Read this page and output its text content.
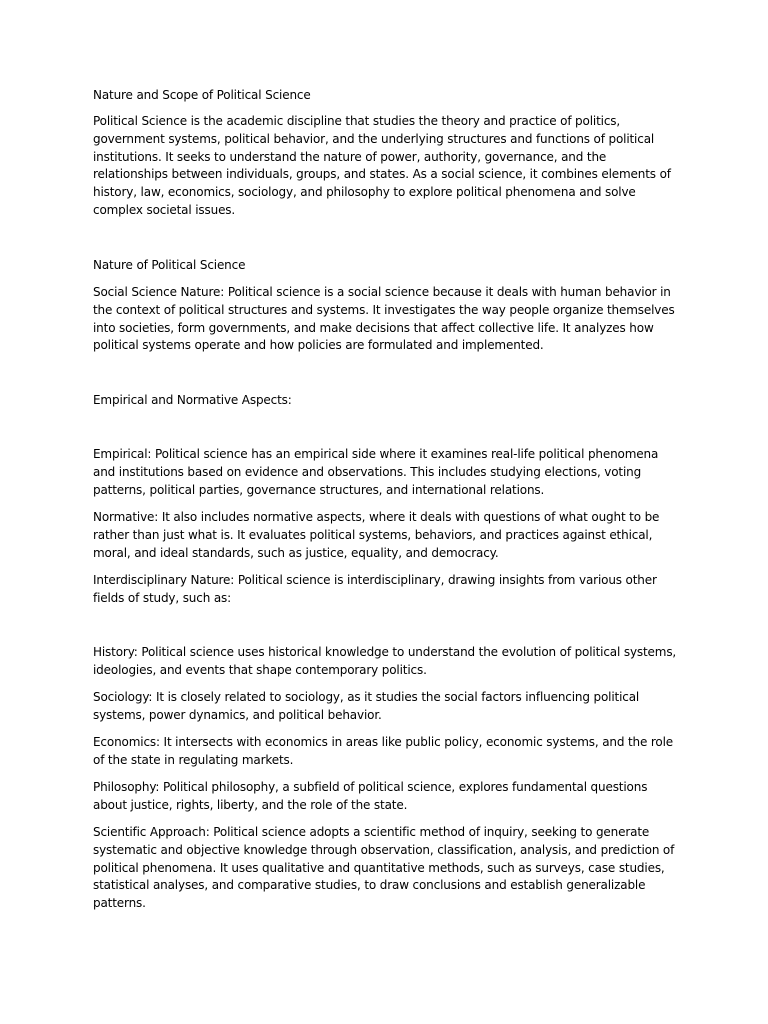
Nature and Scope of Political Science

Political Science is the academic discipline that studies the theory and practice of politics, government systems, political behavior, and the underlying structures and functions of political institutions. It seeks to understand the nature of power, authority, governance, and the relationships between individuals, groups, and states. As a social science, it combines elements of history, law, economics, sociology, and philosophy to explore political phenomena and solve complex societal issues.

Nature of Political Science

Social Science Nature: Political science is a social science because it deals with human behavior in the context of political structures and systems. It investigates the way people organize themselves into societies, form governments, and make decisions that affect collective life. It analyzes how political systems operate and how policies are formulated and implemented.

Empirical and Normative Aspects:

Empirical: Political science has an empirical side where it examines real-life political phenomena and institutions based on evidence and observations. This includes studying elections, voting patterns, political parties, governance structures, and international relations.

Normative: It also includes normative aspects, where it deals with questions of what ought to be rather than just what is. It evaluates political systems, behaviors, and practices against ethical, moral, and ideal standards, such as justice, equality, and democracy.

Interdisciplinary Nature: Political science is interdisciplinary, drawing insights from various other fields of study, such as:

History: Political science uses historical knowledge to understand the evolution of political systems, ideologies, and events that shape contemporary politics.

Sociology: It is closely related to sociology, as it studies the social factors influencing political systems, power dynamics, and political behavior.

Economics: It intersects with economics in areas like public policy, economic systems, and the role of the state in regulating markets.

Philosophy: Political philosophy, a subfield of political science, explores fundamental questions about justice, rights, liberty, and the role of the state.

Scientific Approach: Political science adopts a scientific method of inquiry, seeking to generate systematic and objective knowledge through observation, classification, analysis, and prediction of political phenomena. It uses qualitative and quantitative methods, such as surveys, case studies, statistical analyses, and comparative studies, to draw conclusions and establish generalizable patterns.
